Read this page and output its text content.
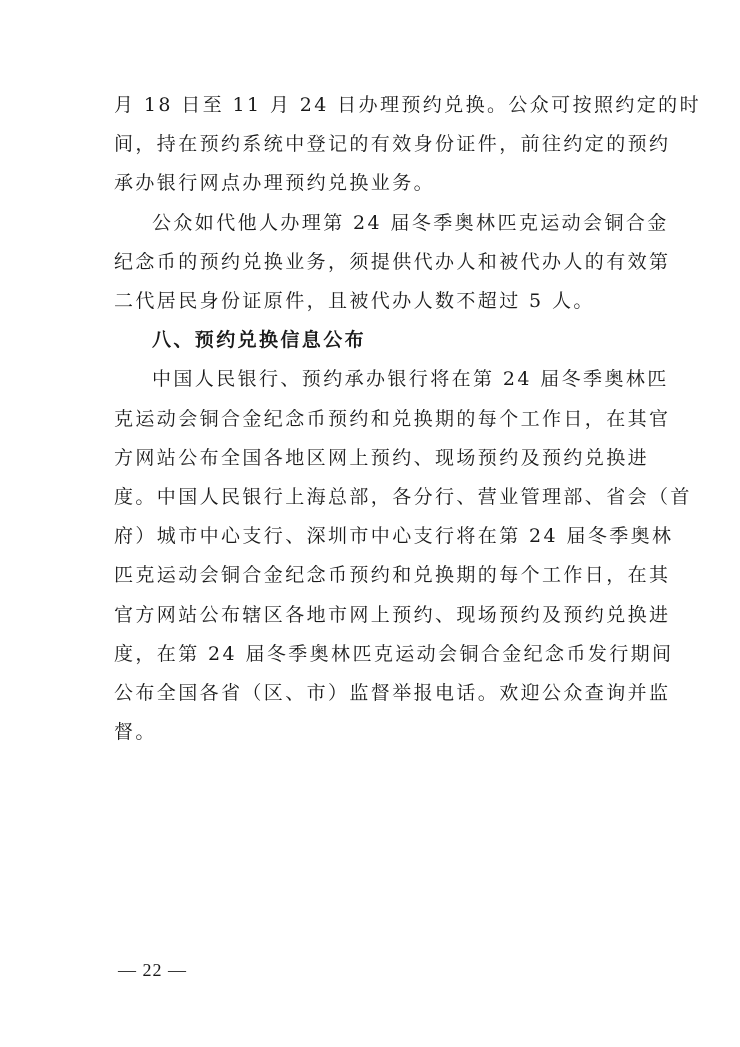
月 18 日至 11 月 24 日办理预约兑换。公众可按照约定的时
间，持在预约系统中登记的有效身份证件，前往约定的预约
承办银行网点办理预约兑换业务。

公众如代他人办理第 24 届冬季奥林匹克运动会铜合金
纪念币的预约兑换业务，须提供代办人和被代办人的有效第
二代居民身份证原件，且被代办人数不超过 5 人。

八、预约兑换信息公布

中国人民银行、预约承办银行将在第 24 届冬季奥林匹
克运动会铜合金纪念币预约和兑换期的每个工作日，在其官
方网站公布全国各地区网上预约、现场预约及预约兑换进
度。中国人民银行上海总部，各分行、营业管理部、省会（首
府）城市中心支行、深圳市中心支行将在第 24 届冬季奥林
匹克运动会铜合金纪念币预约和兑换期的每个工作日，在其
官方网站公布辖区各地市网上预约、现场预约及预约兑换进
度，在第 24 届冬季奥林匹克运动会铜合金纪念币发行期间
公布全国各省（区、市）监督举报电话。欢迎公众查询并监
督。

— 22 —
